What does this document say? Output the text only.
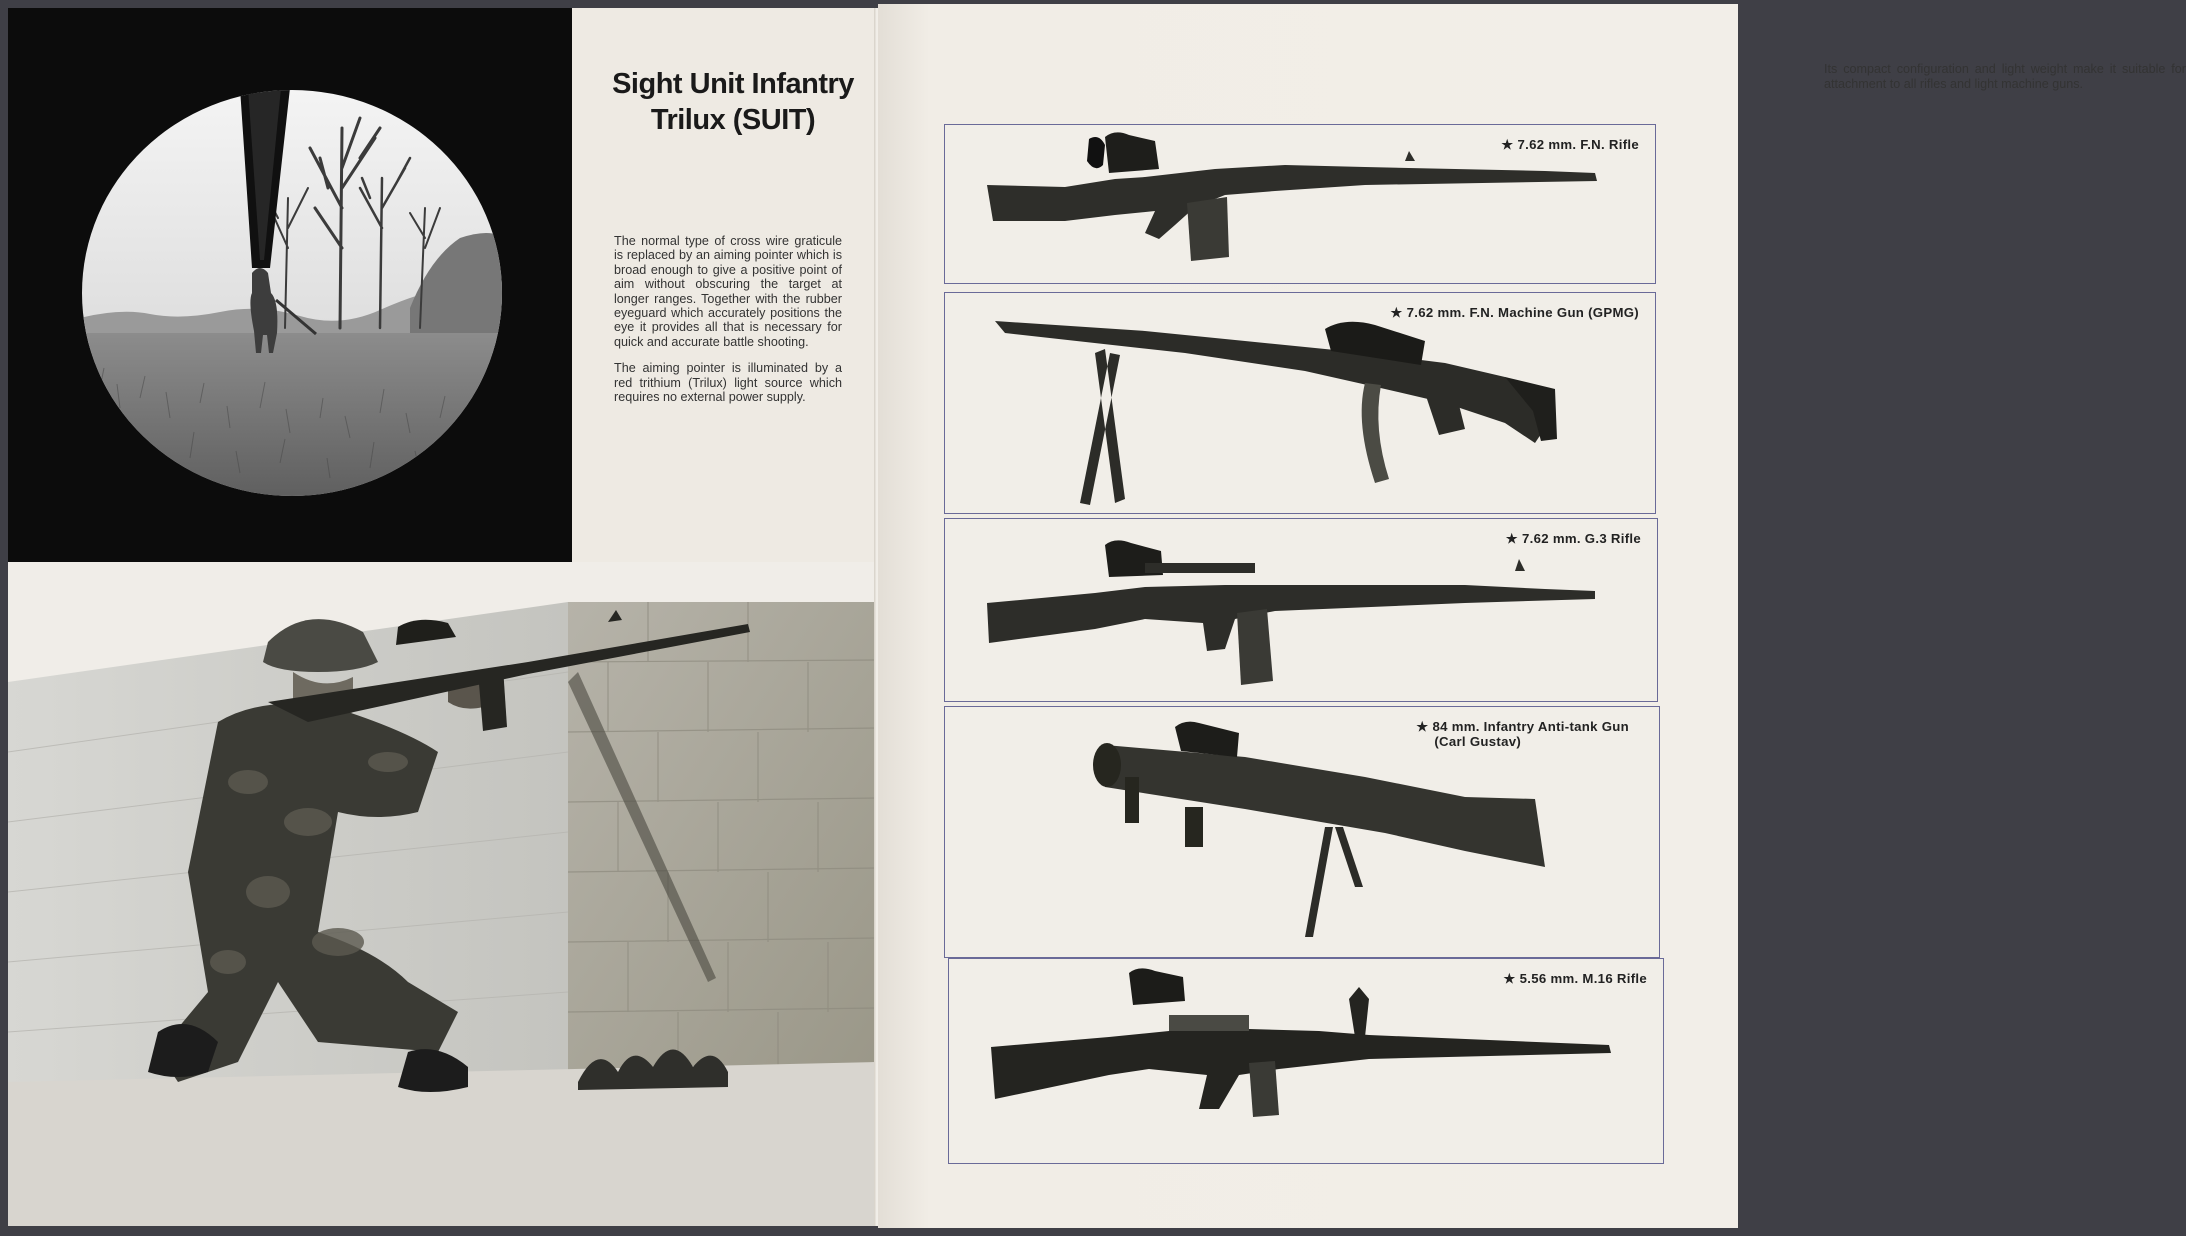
Sight Unit Infantry
Trilux (SUIT)

The normal type of cross wire graticule is replaced by an aiming pointer which is broad enough to give a positive point of aim without obscuring the target at longer ranges. Together with the rubber eyeguard which accurately positions the eye it provides all that is necessary for quick and accurate battle shooting.

The aiming pointer is illuminated by a red trithium (Trilux) light source which requires no external power supply.

Its compact configuration and light weight make it suitable for attachment to all rifles and light machine guns.
★ 7.62 mm. F.N. Rifle
★ 7.62 mm. F.N. Machine Gun (GPMG)
★ 7.62 mm. G.3 Rifle
★ 84 mm. Infantry Anti-tank Gun
(Carl Gustav)
★ 5.56 mm. M.16 Rifle
